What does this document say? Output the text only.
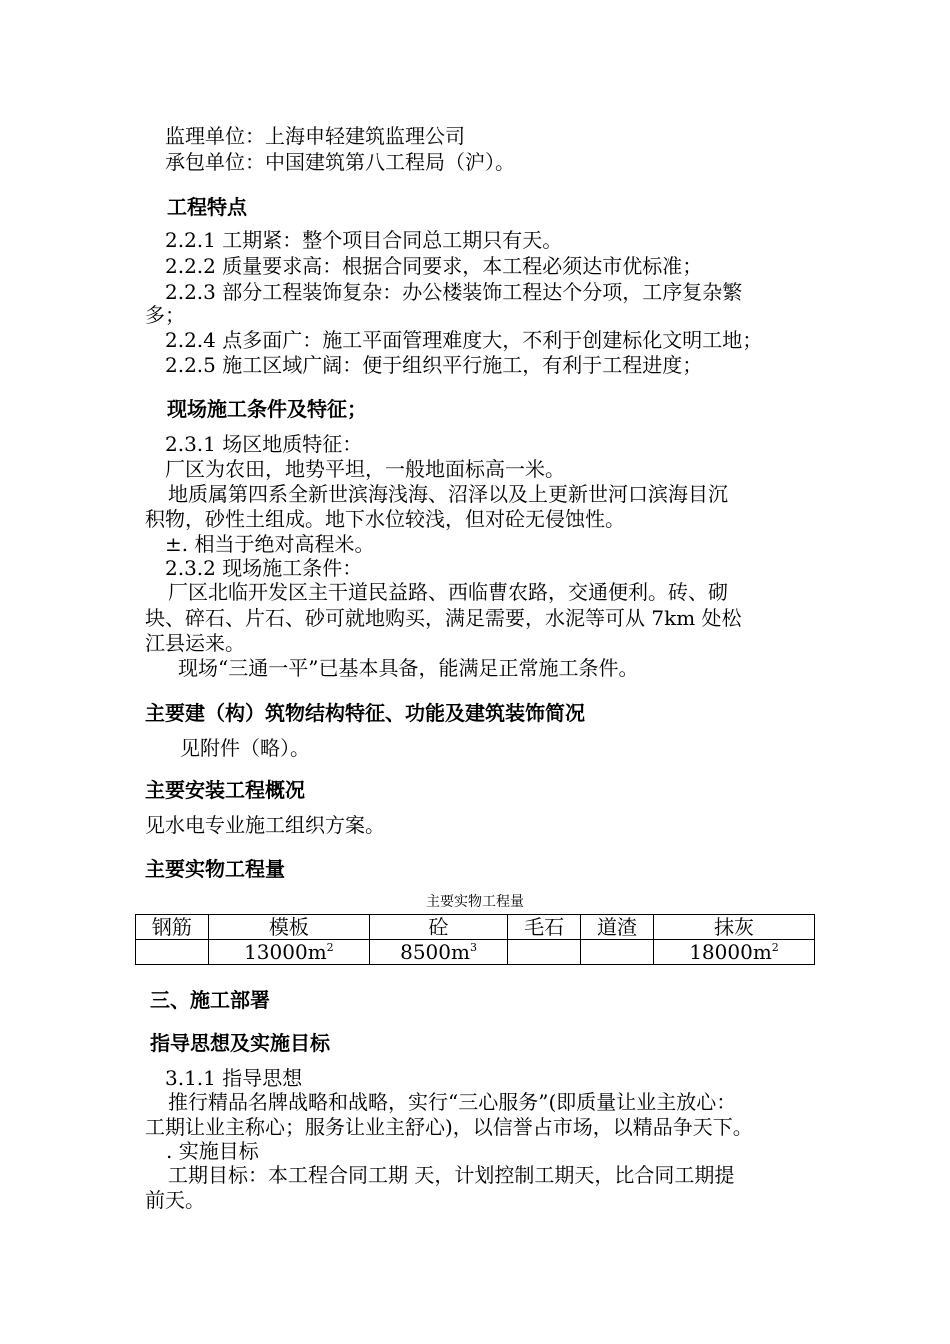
监理单位：上海申轻建筑监理公司
承包单位：中国建筑第八工程局（沪）。
工程特点
2.2.1 工期紧：整个项目合同总工期只有天。
2.2.2 质量要求高：根据合同要求，本工程必须达市优标准；
2.2.3 部分工程装饰复杂：办公楼装饰工程达个分项，工序复杂繁
多；
2.2.4 点多面广：施工平面管理难度大，不利于创建标化文明工地；
2.2.5 施工区域广阔：便于组织平行施工，有利于工程进度；
现场施工条件及特征；
2.3.1 场区地质特征：
厂区为农田，地势平坦，一般地面标高一米。
地质属第四系全新世滨海浅海、沼泽以及上更新世河口滨海目沉
积物，砂性土组成。地下水位较浅，但对砼无侵蚀性。
±. 相当于绝对高程米。
2.3.2 现场施工条件：
厂区北临开发区主干道民益路、西临曹农路，交通便利。砖、砌
块、碎石、片石、砂可就地购买，满足需要，水泥等可从 7km 处松
江县运来。
现场“三通一平”已基本具备，能满足正常施工条件。
主要建（构）筑物结构特征、功能及建筑装饰简况
见附件（略）。
主要安装工程概况
见水电专业施工组织方案。
主要实物工程量
主要实物工程量
钢筋	模板	砼	毛石	道渣	抹灰
	$13000m^2$	$8500m^3$			$18000m^2$
三、施工部署
指导思想及实施目标
3.1.1 指导思想
推行精品名牌战略和战略，实行“三心服务”(即质量让业主放心：
工期让业主称心；服务让业主舒心)，以信誉占市场，以精品争天下。
. 实施目标
工期目标：本工程合同工期 天，计划控制工期天，比合同工期提
前天。
